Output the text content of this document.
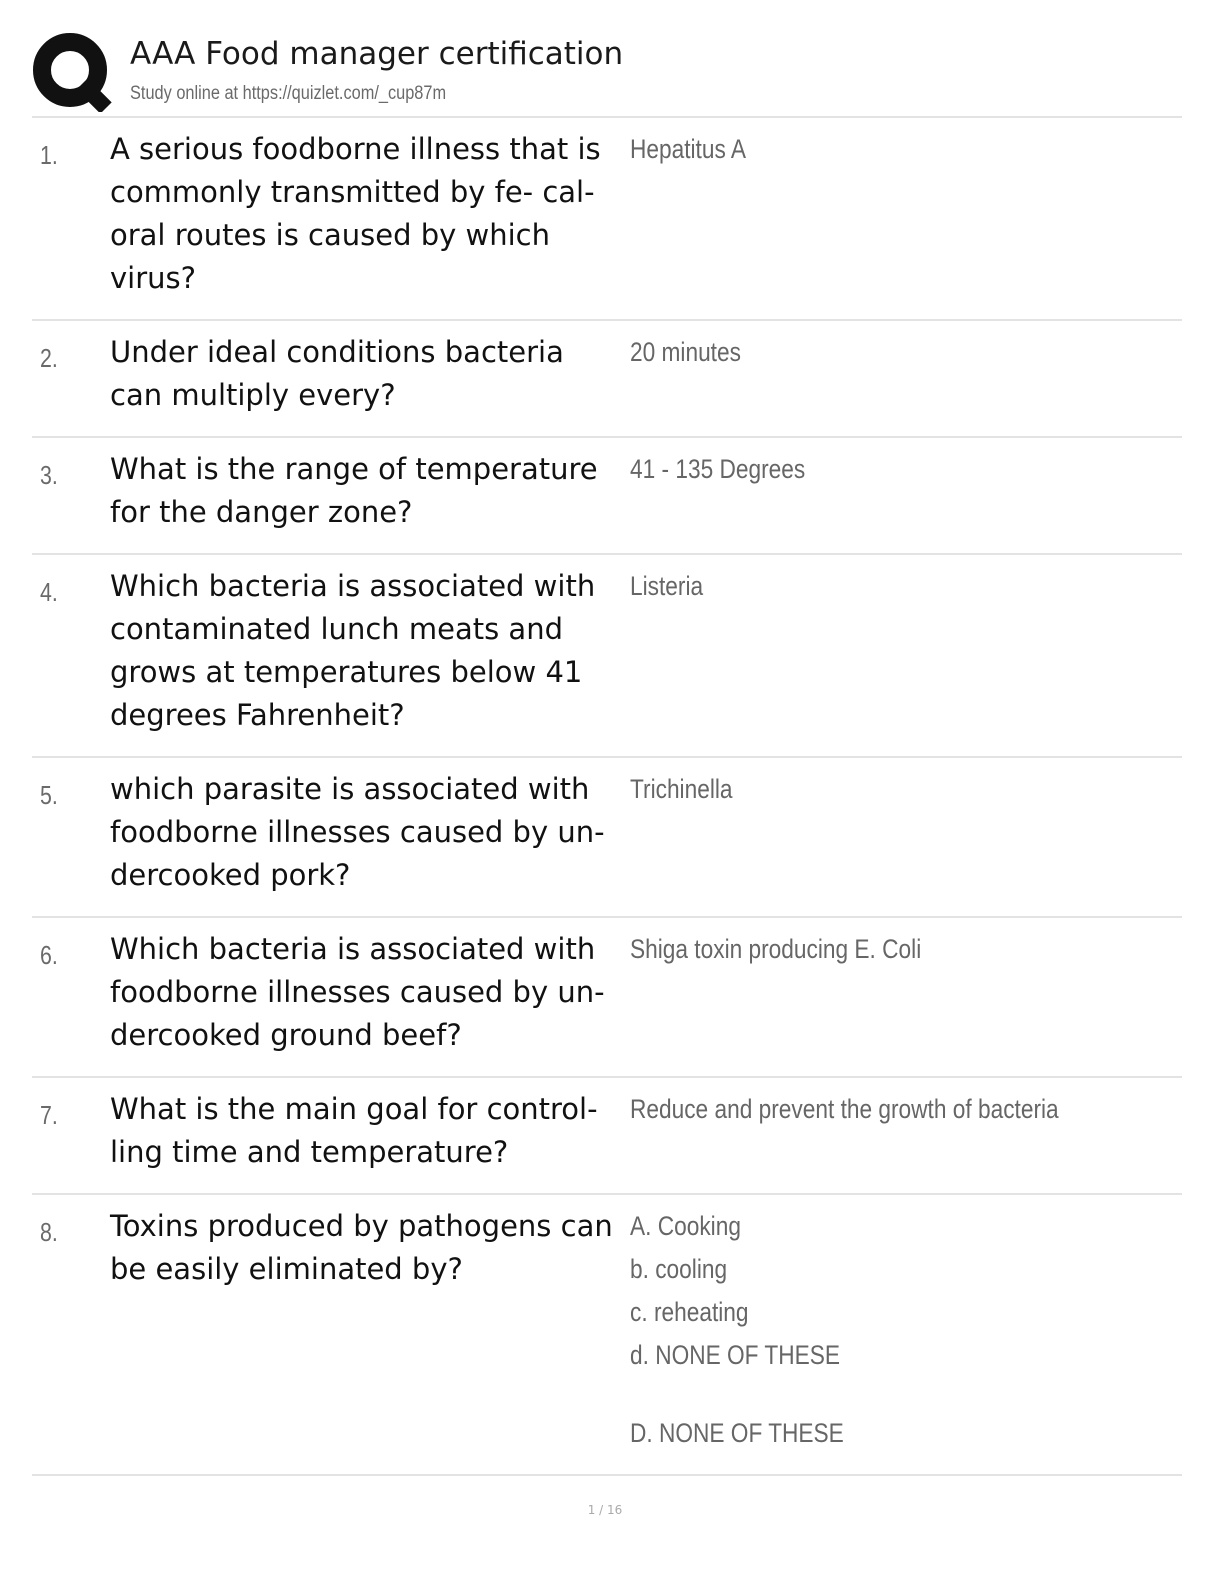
AAA Food manager certification
Study online at https://quizlet.com/_cup87m
1.	A serious foodborne illness that is commonly transmitted by fe- cal-oral routes is caused by which virus?
Hepatitus A
2.	Under ideal conditions bacteria can multiply every?
20 minutes
3.	What is the range of temperature for the danger zone?
41 - 135 Degrees
4.	Which bacteria is associated with contaminated lunch meats and grows at temperatures below 41 degrees Fahrenheit?
Listeria
5.	which parasite is associated with foodborne illnesses caused by un- dercooked pork?
Trichinella
6.	Which bacteria is associated with foodborne illnesses caused by un- dercooked ground beef?
Shiga toxin producing E. Coli
7.	What is the main goal for control- ling time and temperature?
Reduce and prevent the growth of bacteria
8.	Toxins produced by pathogens can be easily eliminated by?
A. Cooking
b. cooling
c. reheating
d. NONE OF THESE
D. NONE OF THESE
1 / 16
